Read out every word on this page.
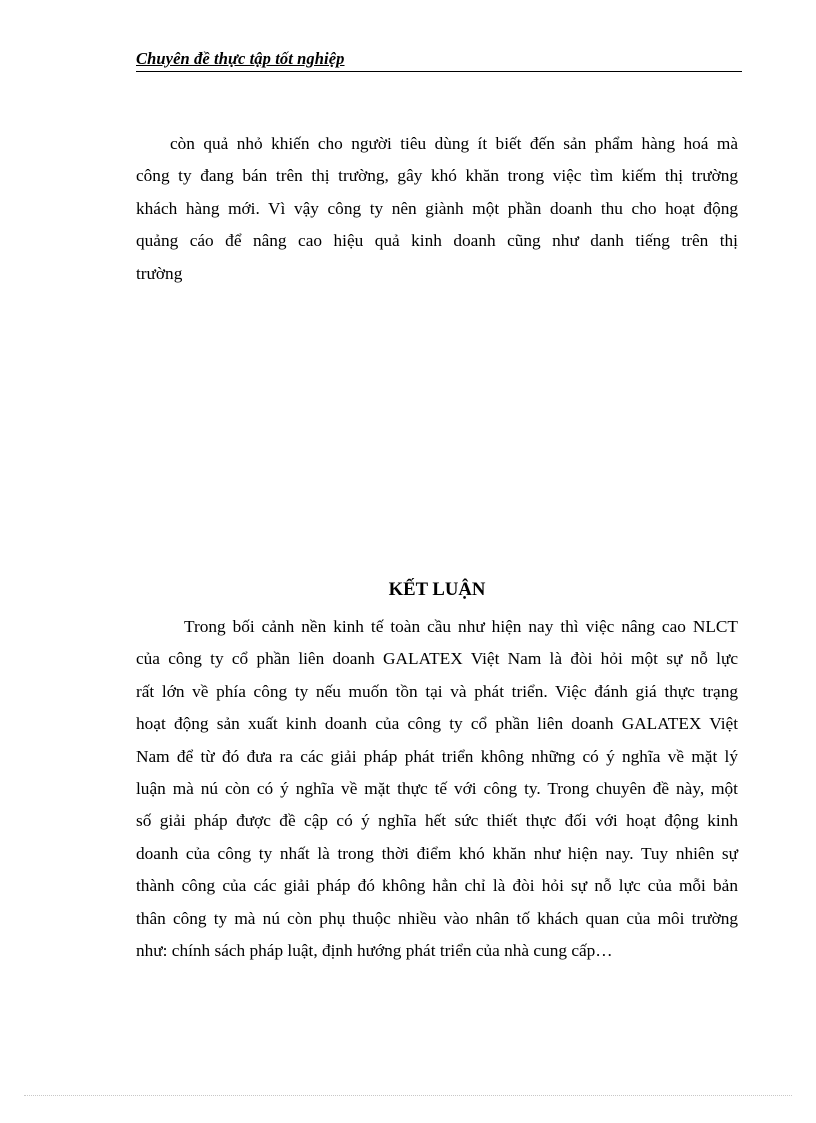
Chuyên đề thực tập tốt nghiệp

còn quả nhỏ khiến cho người tiêu dùng ít biết đến sản phẩm hàng hoá mà
công ty đang bán trên thị trường, gây khó khăn trong việc tìm kiếm thị trường
khách hàng mới. Vì vậy công ty nên giành một phần doanh thu cho hoạt động
quảng cáo để nâng cao hiệu quả kinh doanh cũng như danh tiếng trên thị
trường

KẾT LUẬN

Trong bối cảnh nền kinh tế toàn cầu như hiện nay thì việc nâng cao NLCT
của công ty cổ phần liên doanh GALATEX Việt Nam là đòi hỏi một sự nỗ lực
rất lớn về phía công ty nếu muốn tồn tại và phát triển. Việc đánh giá thực trạng
hoạt động sản xuất kinh doanh của công ty cổ phần liên doanh GALATEX Việt
Nam để từ đó đưa ra các giải pháp phát triển không những có ý nghĩa về mặt lý
luận mà nú còn có ý nghĩa về mặt thực tế với công ty. Trong chuyên đề này, một
số giải pháp được đề cập có ý nghĩa hết sức thiết thực đối với hoạt động kinh
doanh của công ty nhất là trong thời điểm khó khăn như hiện nay. Tuy nhiên sự
thành công của các giải pháp đó không hẳn chỉ là đòi hỏi sự nỗ lực của mỗi bản
thân công ty mà nú còn phụ thuộc nhiều vào nhân tố khách quan của môi trường
như: chính sách pháp luật, định hướng phát triển của nhà cung cấp…
